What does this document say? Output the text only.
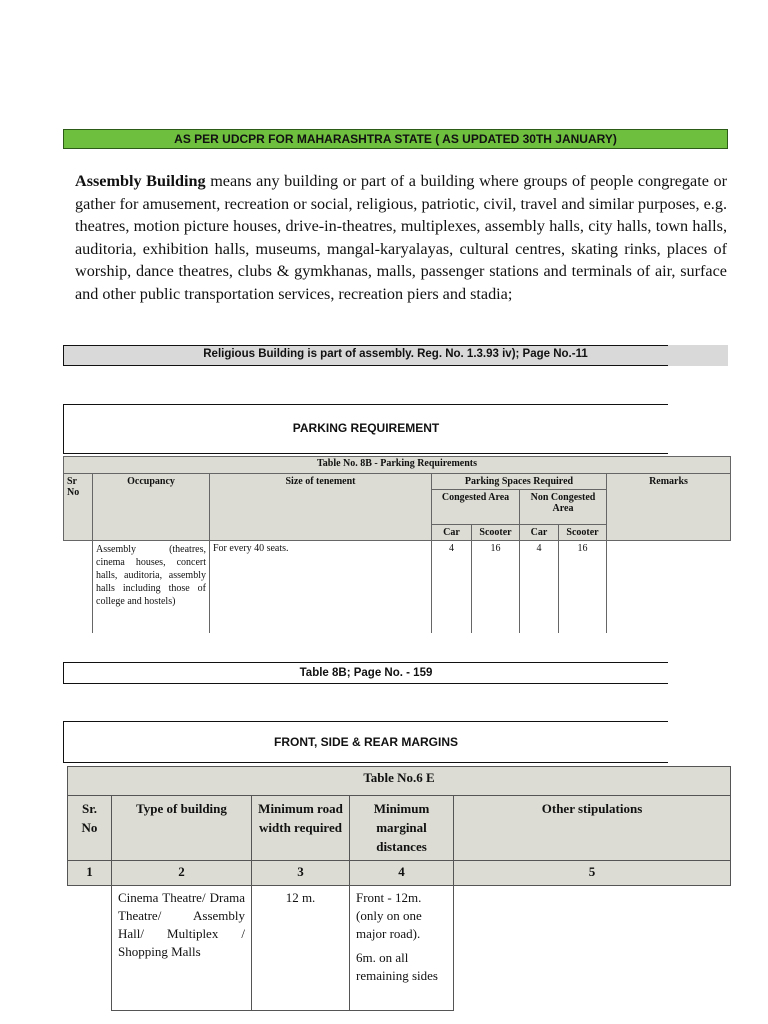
AS PER UDCPR FOR MAHARASHTRA STATE ( AS UPDATED 30TH JANUARY)
Assembly Building means any building or part of a building where groups of people congregate or gather for amusement, recreation or social, religious, patriotic, civil, travel and similar purposes, e.g. theatres, motion picture houses, drive-in-theatres, multiplexes, assembly halls, city halls, town halls, auditoria, exhibition halls, museums, mangal-karyalayas, cultural centres, skating rinks, places of worship, dance theatres, clubs & gymkhanas, malls, passenger stations and terminals of air, surface and other public transportation services, recreation piers and stadia;
Religious Building is part of assembly. Reg. No. 1.3.93 iv); Page No.-11
PARKING REQUIREMENT
Table No. 8B - Parking Requirements							
Sr No	Occupancy	Size of tenement	Parking Spaces Required				Remarks
			Congested Area		Non Congested Area		
			Car	Scooter	Car	Scooter	
	Assembly (theatres, cinema houses, concert halls, auditoria, assembly halls including those of college and hostels)	For every 40 seats.	4	16	4	16	
Table 8B; Page No. - 159
FRONT, SIDE & REAR MARGINS
Table No.6 E				
Sr. No	Type of building	Minimum road width required	Minimum marginal distances	Other stipulations
1	2	3	4	5
	Cinema Theatre/ Drama Theatre/ Assembly Hall/ Multiplex / Shopping Malls	12 m.	Front - 12m. (only on one major road).

6m. on all remaining sides	
